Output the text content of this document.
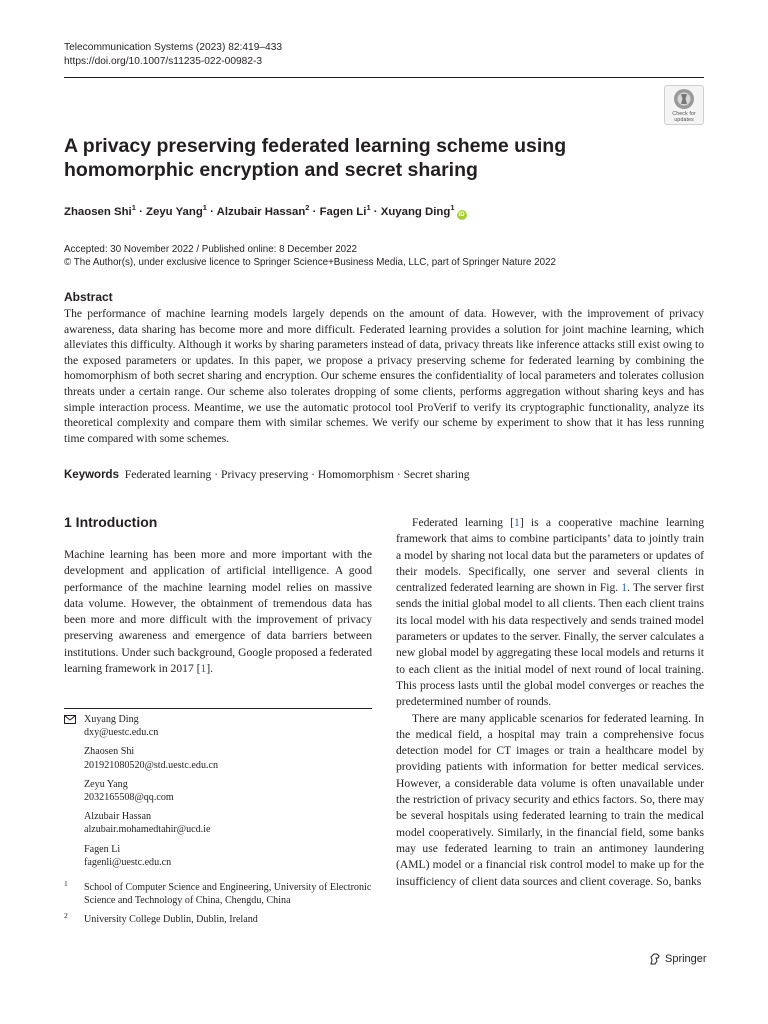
Telecommunication Systems (2023) 82:419–433
https://doi.org/10.1007/s11235-022-00982-3
Check for
updates
A privacy preserving federated learning scheme using homomorphic encryption and secret sharing
Zhaosen Shi$^1$ · Zeyu Yang$^1$ · Alzubair Hassan$^2$ · Fagen $Li^1$ · Xuyang Ding$^1$iD
Accepted: 30 November 2022 / Published online: 8 December 2022
© The Author(s), under exclusive licence to Springer Science+Business Media, LLC, part of Springer Nature 2022
Abstract

The performance of machine learning models largely depends on the amount of data. However, with the improvement of privacy awareness, data sharing has become more and more difficult. Federated learning provides a solution for joint machine learning, which alleviates this difficulty. Although it works by sharing parameters instead of data, privacy threats like inference attacks still exist owing to the exposed parameters or updates. In this paper, we propose a privacy preserving scheme for federated learning by combining the homomorphism of both secret sharing and encryption. Our scheme ensures the confidentiality of local parameters and tolerates collusion threats under a certain range. Our scheme also tolerates dropping of some clients, performs aggregation without sharing keys and has simple interaction process. Meantime, we use the automatic protocol tool ProVerif to verify its cryptographic functionality, analyze its theoretical complexity and compare them with similar schemes. We verify our scheme by experiment to show that it has less running time compared with some schemes.

Keywords Federated learning · Privacy preserving · Homomorphism · Secret sharing
1 Introduction

Machine learning has been more and more important with the development and application of artificial intelligence. A good performance of the machine learning model relies on massive data volume. However, the obtainment of tremendous data has been more and more difficult with the improvement of privacy preserving awareness and emergence of data barriers between institutions. Under such background, Google proposed a federated learning framework in 2017 [1].

Xuyang Ding
dxy@uestc.edu.cn
Zhaosen Shi
201921080520@std.uestc.edu.cn
Zeyu Yang
2032165508@qq.com
Alzubair Hassan
alzubair.mohamedtahir@ucd.ie
Fagen Li
fagenli@uestc.edu.cn
1	School of Computer Science and Engineering, University of Electronic Science and Technology of China, Chengdu, China
2	University College Dublin, Dublin, Ireland

Federated learning [1] is a cooperative machine learning framework that aims to combine participants’ data to jointly train a model by sharing not local data but the parameters or updates of their models. Specifically, one server and several clients in centralized federated learning are shown in Fig. 1. The server first sends the initial global model to all clients. Then each client trains its local model with his data respectively and sends trained model parameters or updates to the server. Finally, the server calculates a new global model by aggregating these local models and returns it to each client as the initial model of next round of local training. This process lasts until the global model converges or reaches the predetermined number of rounds.

There are many applicable scenarios for federated learning. In the medical field, a hospital may train a comprehensive focus detection model for CT images or train a healthcare model by providing patients with information for better medical services. However, a considerable data volume is often unavailable under the restriction of privacy security and ethics factors. So, there may be several hospitals using federated learning to train the medical model cooperatively. Similarly, in the financial field, some banks may use federated learning to train an antimoney laundering (AML) model or a financial risk control model to make up for the insufficiency of client data sources and client coverage. So, banks

Springer
